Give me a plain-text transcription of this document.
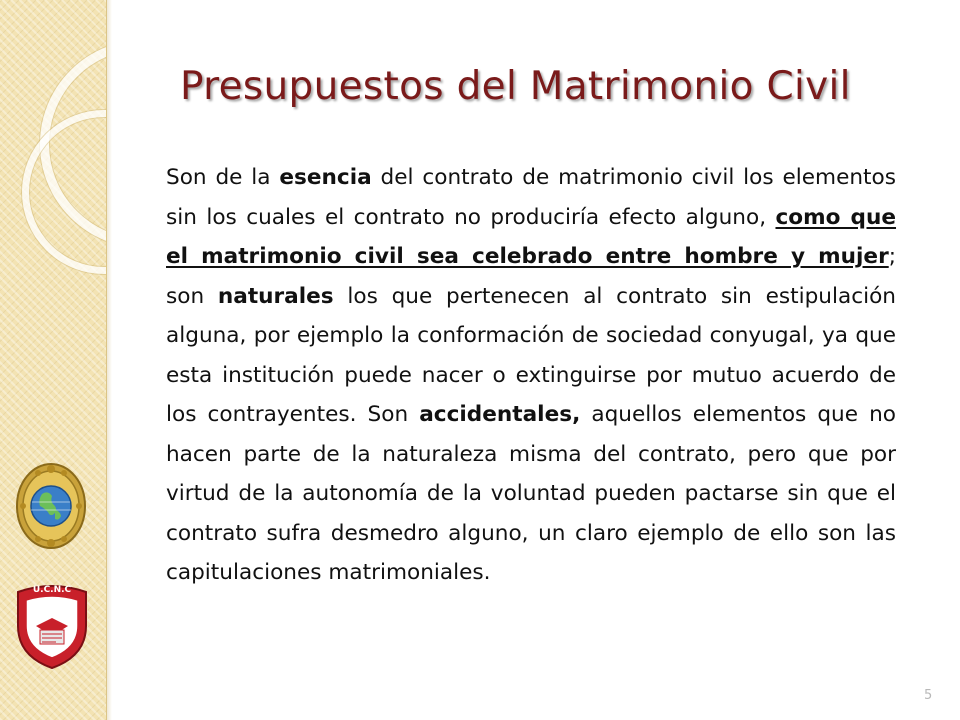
U.C.N.C
Presupuestos del Matrimonio Civil

Son de la esencia del contrato de matrimonio civil los elementos sin los cuales el contrato no produciría efecto alguno, como que el matrimonio civil sea celebrado entre hombre y mujer; son naturales los que pertenecen al contrato sin estipulación alguna, por ejemplo la conformación de sociedad conyugal, ya que esta institución puede nacer o extinguirse por mutuo acuerdo de los contrayentes. Son accidentales, aquellos elementos que no hacen parte de la naturaleza misma del contrato, pero que por virtud de la autonomía de la voluntad pueden pactarse sin que el contrato sufra desmedro alguno, un claro ejemplo de ello son las capitulaciones matrimoniales.

5
